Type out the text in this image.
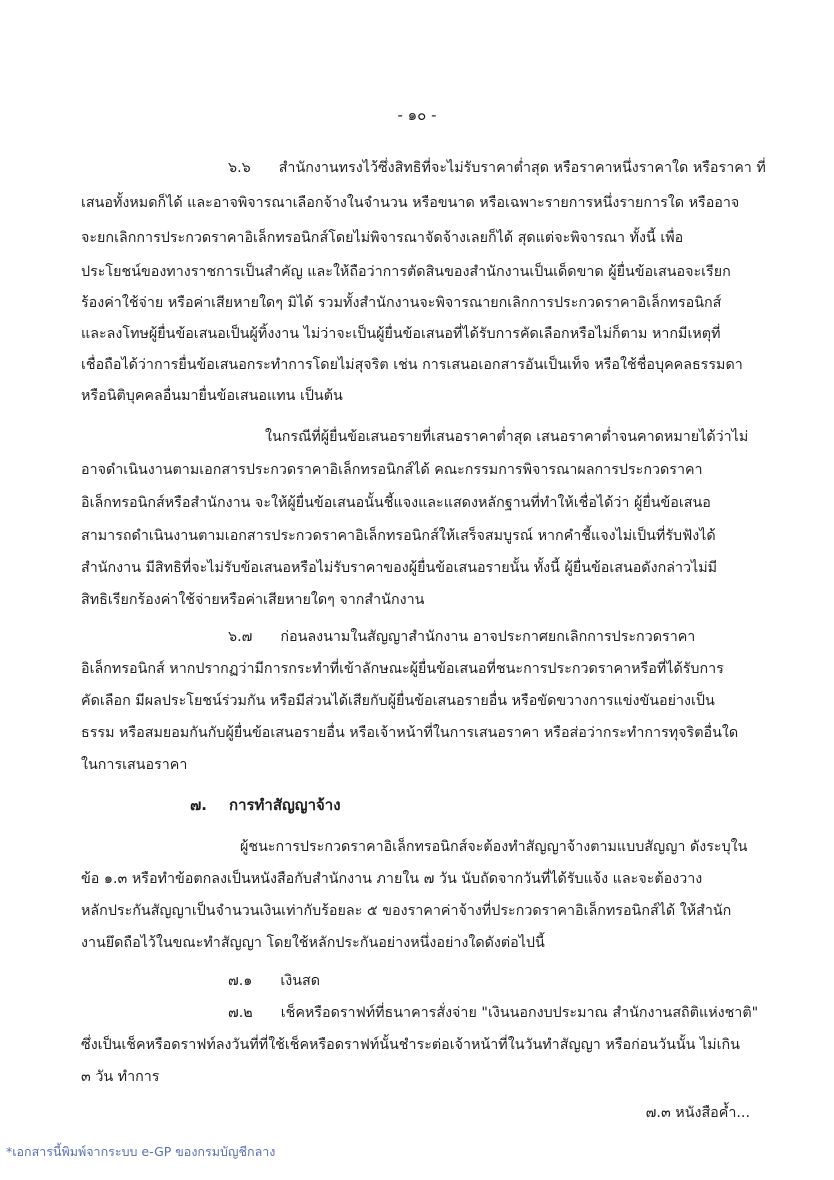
- ๑๐ -
๖.๖ สำนักงานทรงไว้ซึ่งสิทธิที่จะไม่รับราคาต่ำสุด หรือราคาหนึ่งราคาใด หรือราคา ที่
เสนอทั้งหมดก็ได้ และอาจพิจารณาเลือกจ้างในจำนวน หรือขนาด หรือเฉพาะรายการหนึ่งรายการใด หรืออาจ
จะยกเลิกการประกวดราคาอิเล็กทรอนิกส์โดยไม่พิจารณาจัดจ้างเลยก็ได้ สุดแต่จะพิจารณา ทั้งนี้ เพื่อ
ประโยชน์ของทางราชการเป็นสำคัญ และให้ถือว่าการตัดสินของสำนักงานเป็นเด็ดขาด ผู้ยื่นข้อเสนอจะเรียก
ร้องค่าใช้จ่าย หรือค่าเสียหายใดๆ มิได้ รวมทั้งสำนักงานจะพิจารณายกเลิกการประกวดราคาอิเล็กทรอนิกส์
และลงโทษผู้ยื่นข้อเสนอเป็นผู้ทิ้งงาน ไม่ว่าจะเป็นผู้ยื่นข้อเสนอที่ได้รับการคัดเลือกหรือไม่ก็ตาม หากมีเหตุที่
เชื่อถือได้ว่าการยื่นข้อเสนอกระทำการโดยไม่สุจริต เช่น การเสนอเอกสารอันเป็นเท็จ หรือใช้ชื่อบุคคลธรรมดา
หรือนิติบุคคลอื่นมายื่นข้อเสนอแทน เป็นต้น
ในกรณีที่ผู้ยื่นข้อเสนอรายที่เสนอราคาต่ำสุด เสนอราคาต่ำจนคาดหมายได้ว่าไม่
อาจดำเนินงานตามเอกสารประกวดราคาอิเล็กทรอนิกส์ได้ คณะกรรมการพิจารณาผลการประกวดราคา
อิเล็กทรอนิกส์หรือสำนักงาน จะให้ผู้ยื่นข้อเสนอนั้นชี้แจงและแสดงหลักฐานที่ทำให้เชื่อได้ว่า ผู้ยื่นข้อเสนอ
สามารถดำเนินงานตามเอกสารประกวดราคาอิเล็กทรอนิกส์ให้เสร็จสมบูรณ์ หากคำชี้แจงไม่เป็นที่รับฟังได้
สำนักงาน มีสิทธิที่จะไม่รับข้อเสนอหรือไม่รับราคาของผู้ยื่นข้อเสนอรายนั้น ทั้งนี้ ผู้ยื่นข้อเสนอดังกล่าวไม่มี
สิทธิเรียกร้องค่าใช้จ่ายหรือค่าเสียหายใดๆ จากสำนักงาน
๖.๗ ก่อนลงนามในสัญญาสำนักงาน อาจประกาศยกเลิกการประกวดราคา
อิเล็กทรอนิกส์ หากปรากฏว่ามีการกระทำที่เข้าลักษณะผู้ยื่นข้อเสนอที่ชนะการประกวดราคาหรือที่ได้รับการ
คัดเลือก มีผลประโยชน์ร่วมกัน หรือมีส่วนได้เสียกับผู้ยื่นข้อเสนอรายอื่น หรือขัดขวางการแข่งขันอย่างเป็น
ธรรม หรือสมยอมกันกับผู้ยื่นข้อเสนอรายอื่น หรือเจ้าหน้าที่ในการเสนอราคา หรือส่อว่ากระทำการทุจริตอื่นใด
ในการเสนอราคา
๗. การทำสัญญาจ้าง
ผู้ชนะการประกวดราคาอิเล็กทรอนิกส์จะต้องทำสัญญาจ้างตามแบบสัญญา ดังระบุใน
ข้อ ๑.๓ หรือทำข้อตกลงเป็นหนังสือกับสำนักงาน ภายใน ๗ วัน นับถัดจากวันที่ได้รับแจ้ง และจะต้องวาง
หลักประกันสัญญาเป็นจำนวนเงินเท่ากับร้อยละ ๕ ของราคาค่าจ้างที่ประกวดราคาอิเล็กทรอนิกส์ได้ ให้สำนัก
งานยึดถือไว้ในขณะทำสัญญา โดยใช้หลักประกันอย่างหนึ่งอย่างใดดังต่อไปนี้
๗.๑ เงินสด
๗.๒ เช็คหรือดราฟท์ที่ธนาคารสั่งจ่าย "เงินนอกงบประมาณ สำนักงานสถิติแห่งชาติ"
ซึ่งเป็นเช็คหรือดราฟท์ลงวันที่ที่ใช้เช็คหรือดราฟท์นั้นชำระต่อเจ้าหน้าที่ในวันทำสัญญา หรือก่อนวันนั้น ไม่เกิน
๓ วัน ทำการ
๗.๓ หนังสือค้ำ...
*เอกสารนี้พิมพ์จากระบบ e-GP ของกรมบัญชีกลาง
